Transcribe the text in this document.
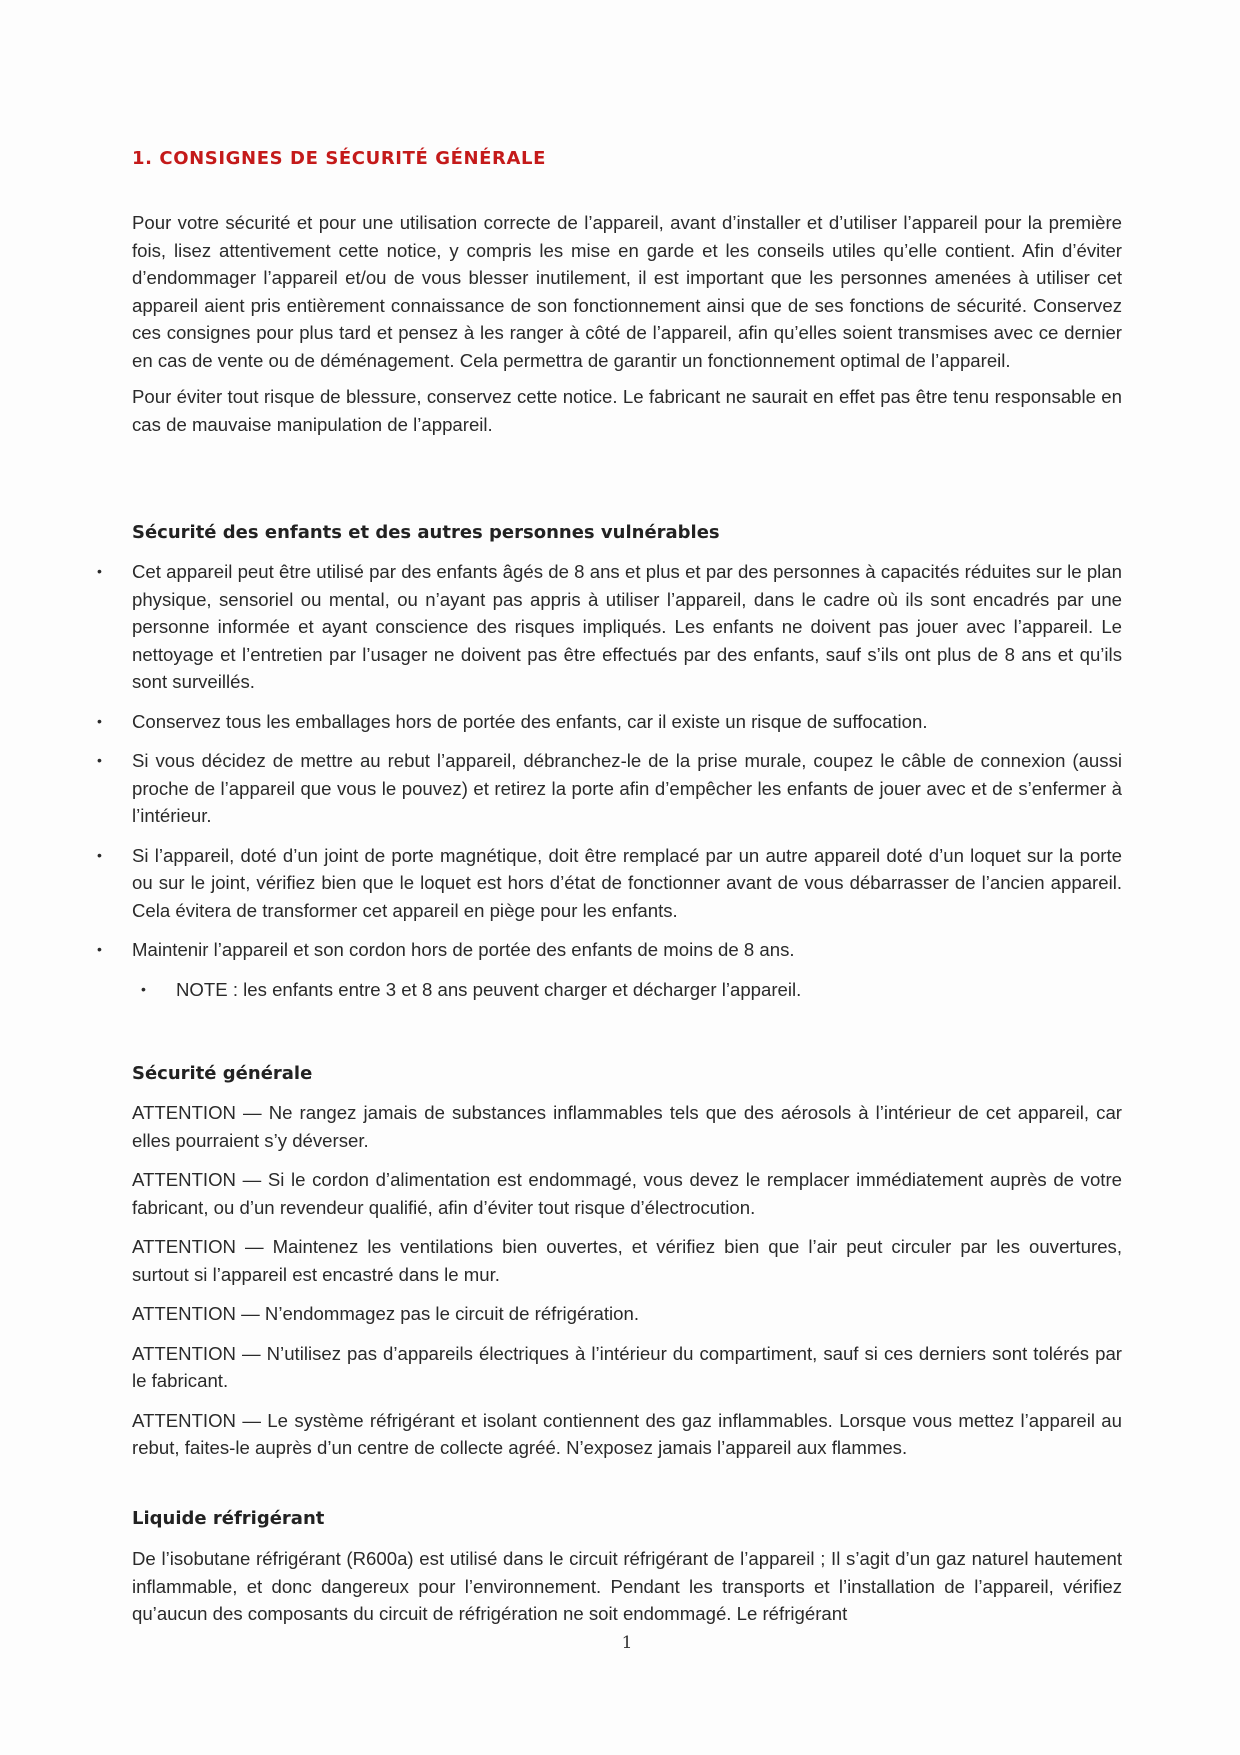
1. CONSIGNES DE SÉCURITÉ GÉNÉRALE

Pour votre sécurité et pour une utilisation correcte de l’appareil, avant d’installer et d’utiliser l’appareil pour la première fois, lisez attentivement cette notice, y compris les mise en garde et les conseils utiles qu’elle contient. Afin d’éviter d’endommager l’appareil et/ou de vous blesser inutilement, il est important que les personnes amenées à utiliser cet appareil aient pris entièrement connaissance de son fonctionnement ainsi que de ses fonctions de sécurité. Conservez ces consignes pour plus tard et pensez à les ranger à côté de l’appareil, afin qu’elles soient transmises avec ce dernier en cas de vente ou de déménagement. Cela permettra de garantir un fonctionnement optimal de l’appareil.

Pour éviter tout risque de blessure, conservez cette notice. Le fabricant ne saurait en effet pas être tenu responsable en cas de mauvaise manipulation de l’appareil.

Sécurité des enfants et des autres personnes vulnérables
• Cet appareil peut être utilisé par des enfants âgés de 8 ans et plus et par des personnes à capacités réduites sur le plan physique, sensoriel ou mental, ou n’ayant pas appris à utiliser l’appareil, dans le cadre où ils sont encadrés par une personne informée et ayant conscience des risques impliqués. Les enfants ne doivent pas jouer avec l’appareil. Le nettoyage et l’entretien par l’usager ne doivent pas être effectués par des enfants, sauf s’ils ont plus de 8 ans et qu’ils sont surveillés.
• Conservez tous les emballages hors de portée des enfants, car il existe un risque de suffocation.
• Si vous décidez de mettre au rebut l’appareil, débranchez-le de la prise murale, coupez le câble de connexion (aussi proche de l’appareil que vous le pouvez) et retirez la porte afin d’empêcher les enfants de jouer avec et de s’enfermer à l’intérieur.
• Si l’appareil, doté d’un joint de porte magnétique, doit être remplacé par un autre appareil doté d’un loquet sur la porte ou sur le joint, vérifiez bien que le loquet est hors d’état de fonctionner avant de vous débarrasser de l’ancien appareil. Cela évitera de transformer cet appareil en piège pour les enfants.
• Maintenir l’appareil et son cordon hors de portée des enfants de moins de 8 ans.
• NOTE : les enfants entre 3 et 8 ans peuvent charger et décharger l’appareil.
Sécurité générale

ATTENTION — Ne rangez jamais de substances inflammables tels que des aérosols à l’intérieur de cet appareil, car elles pourraient s’y déverser.

ATTENTION — Si le cordon d’alimentation est endommagé, vous devez le remplacer immédiatement auprès de votre fabricant, ou d’un revendeur qualifié, afin d’éviter tout risque d’électrocution.

ATTENTION — Maintenez les ventilations bien ouvertes, et vérifiez bien que l’air peut circuler par les ouvertures, surtout si l’appareil est encastré dans le mur.

ATTENTION — N’endommagez pas le circuit de réfrigération.

ATTENTION — N’utilisez pas d’appareils électriques à l’intérieur du compartiment, sauf si ces derniers sont tolérés par le fabricant.

ATTENTION — Le système réfrigérant et isolant contiennent des gaz inflammables. Lorsque vous mettez l’appareil au rebut, faites-le auprès d’un centre de collecte agréé. N’exposez jamais l’appareil aux flammes.

Liquide réfrigérant

De l’isobutane réfrigérant (R600a) est utilisé dans le circuit réfrigérant de l’appareil ; Il s’agit d’un gaz naturel hautement inflammable, et donc dangereux pour l’environnement. Pendant les transports et l’installation de l’appareil, vérifiez qu’aucun des composants du circuit de réfrigération ne soit endommagé. Le réfrigérant

1
